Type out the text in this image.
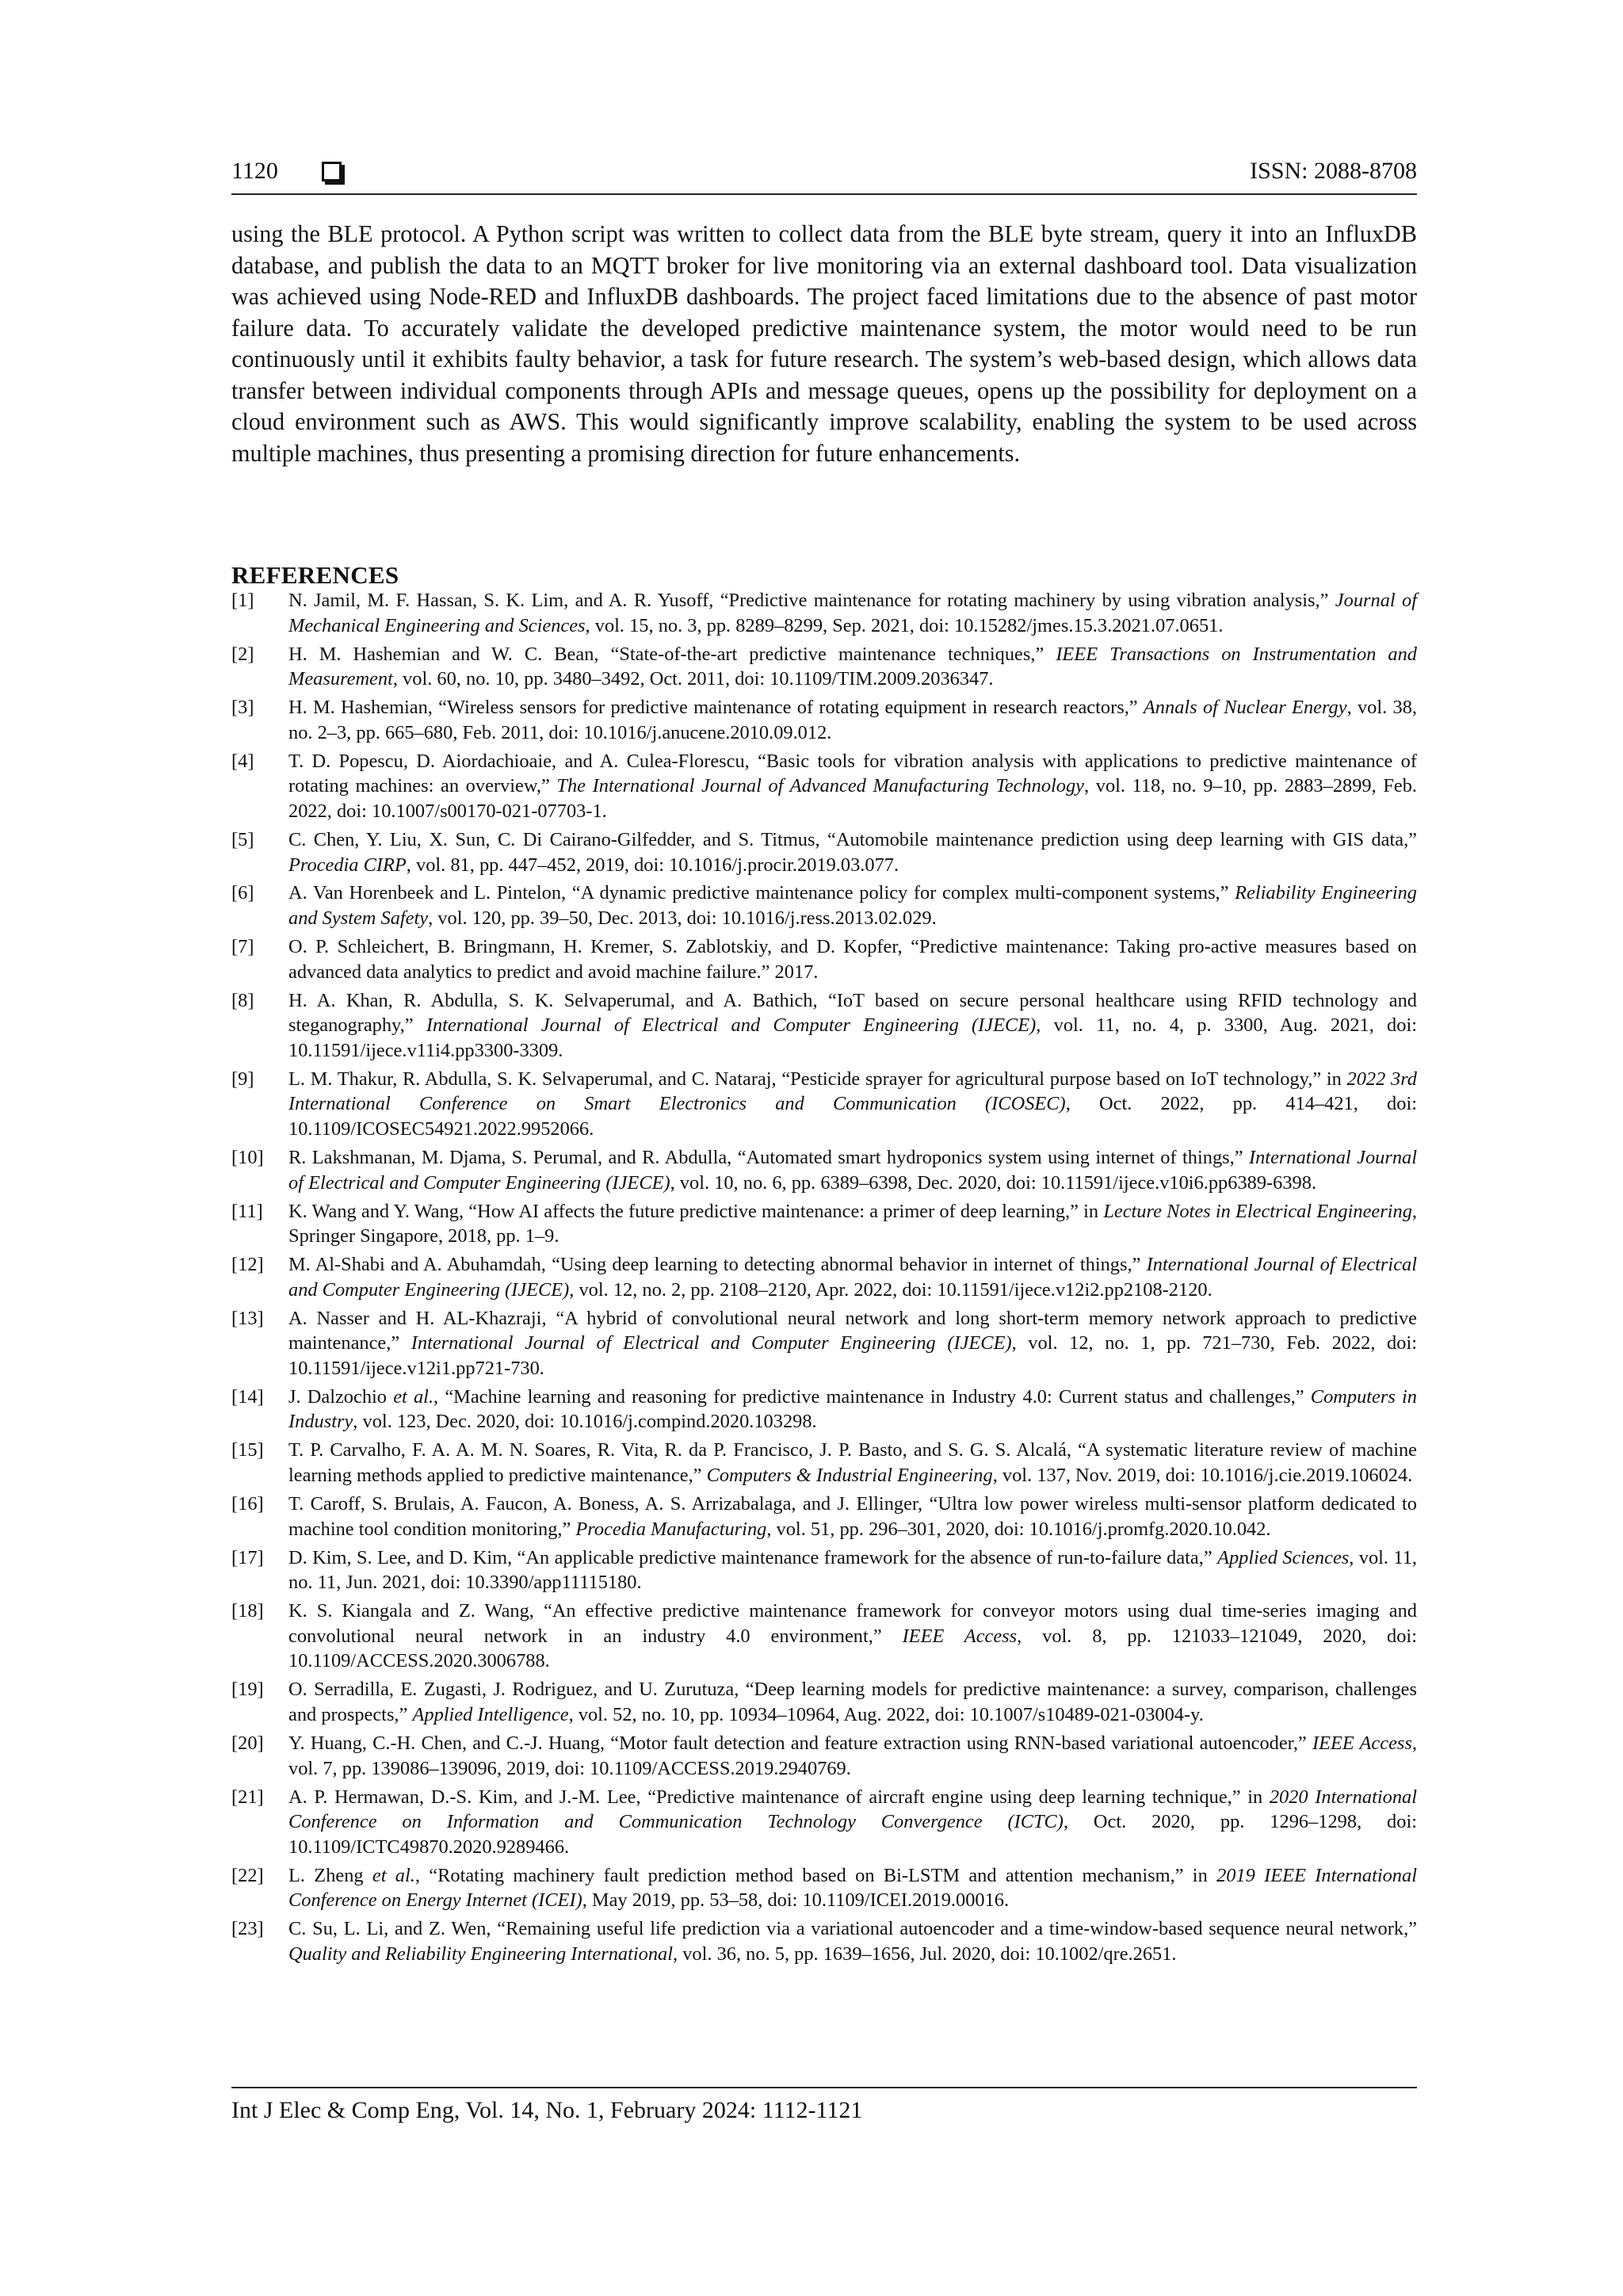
1120	ISSN: 2088-8708

using the BLE protocol. A Python script was written to collect data from the BLE byte stream, query it into an InfluxDB database, and publish the data to an MQTT broker for live monitoring via an external dashboard tool. Data visualization was achieved using Node-RED and InfluxDB dashboards. The project faced limitations due to the absence of past motor failure data. To accurately validate the developed predictive maintenance system, the motor would need to be run continuously until it exhibits faulty behavior, a task for future research. The system’s web-based design, which allows data transfer between individual components through APIs and message queues, opens up the possibility for deployment on a cloud environment such as AWS. This would significantly improve scalability, enabling the system to be used across multiple machines, thus presenting a promising direction for future enhancements.

REFERENCES
[1] N. Jamil, M. F. Hassan, S. K. Lim, and A. R. Yusoff, “Predictive maintenance for rotating machinery by using vibration analysis,” Journal of Mechanical Engineering and Sciences, vol. 15, no. 3, pp. 8289–8299, Sep. 2021, doi: 10.15282/jmes.15.3.2021.07.0651.
[2] H. M. Hashemian and W. C. Bean, “State-of-the-art predictive maintenance techniques,” IEEE Transactions on Instrumentation and Measurement, vol. 60, no. 10, pp. 3480–3492, Oct. 2011, doi: 10.1109/TIM.2009.2036347.
[3] H. M. Hashemian, “Wireless sensors for predictive maintenance of rotating equipment in research reactors,” Annals of Nuclear Energy, vol. 38, no. 2–3, pp. 665–680, Feb. 2011, doi: 10.1016/j.anucene.2010.09.012.
[4] T. D. Popescu, D. Aiordachioaie, and A. Culea-Florescu, “Basic tools for vibration analysis with applications to predictive maintenance of rotating machines: an overview,” The International Journal of Advanced Manufacturing Technology, vol. 118, no. 9–10, pp. 2883–2899, Feb. 2022, doi: 10.1007/s00170-021-07703-1.
[5] C. Chen, Y. Liu, X. Sun, C. Di Cairano-Gilfedder, and S. Titmus, “Automobile maintenance prediction using deep learning with GIS data,” Procedia CIRP, vol. 81, pp. 447–452, 2019, doi: 10.1016/j.procir.2019.03.077.
[6] A. Van Horenbeek and L. Pintelon, “A dynamic predictive maintenance policy for complex multi-component systems,” Reliability Engineering and System Safety, vol. 120, pp. 39–50, Dec. 2013, doi: 10.1016/j.ress.2013.02.029.
[7] O. P. Schleichert, B. Bringmann, H. Kremer, S. Zablotskiy, and D. Kopfer, “Predictive maintenance: Taking pro-active measures based on advanced data analytics to predict and avoid machine failure.” 2017.
[8] H. A. Khan, R. Abdulla, S. K. Selvaperumal, and A. Bathich, “IoT based on secure personal healthcare using RFID technology and steganography,” International Journal of Electrical and Computer Engineering (IJECE), vol. 11, no. 4, p. 3300, Aug. 2021, doi: 10.11591/ijece.v11i4.pp3300-3309.
[9] L. M. Thakur, R. Abdulla, S. K. Selvaperumal, and C. Nataraj, “Pesticide sprayer for agricultural purpose based on IoT technology,” in 2022 3rd International Conference on Smart Electronics and Communication (ICOSEC), Oct. 2022, pp. 414–421, doi: 10.1109/ICOSEC54921.2022.9952066.
[10] R. Lakshmanan, M. Djama, S. Perumal, and R. Abdulla, “Automated smart hydroponics system using internet of things,” International Journal of Electrical and Computer Engineering (IJECE), vol. 10, no. 6, pp. 6389–6398, Dec. 2020, doi: 10.11591/ijece.v10i6.pp6389-6398.
[11] K. Wang and Y. Wang, “How AI affects the future predictive maintenance: a primer of deep learning,” in Lecture Notes in Electrical Engineering, Springer Singapore, 2018, pp. 1–9.
[12] M. Al-Shabi and A. Abuhamdah, “Using deep learning to detecting abnormal behavior in internet of things,” International Journal of Electrical and Computer Engineering (IJECE), vol. 12, no. 2, pp. 2108–2120, Apr. 2022, doi: 10.11591/ijece.v12i2.pp2108-2120.
[13] A. Nasser and H. AL-Khazraji, “A hybrid of convolutional neural network and long short-term memory network approach to predictive maintenance,” International Journal of Electrical and Computer Engineering (IJECE), vol. 12, no. 1, pp. 721–730, Feb. 2022, doi: 10.11591/ijece.v12i1.pp721-730.
[14] J. Dalzochio et al., “Machine learning and reasoning for predictive maintenance in Industry 4.0: Current status and challenges,” Computers in Industry, vol. 123, Dec. 2020, doi: 10.1016/j.compind.2020.103298.
[15] T. P. Carvalho, F. A. A. M. N. Soares, R. Vita, R. da P. Francisco, J. P. Basto, and S. G. S. Alcalá, “A systematic literature review of machine learning methods applied to predictive maintenance,” Computers & Industrial Engineering, vol. 137, Nov. 2019, doi: 10.1016/j.cie.2019.106024.
[16] T. Caroff, S. Brulais, A. Faucon, A. Boness, A. S. Arrizabalaga, and J. Ellinger, “Ultra low power wireless multi-sensor platform dedicated to machine tool condition monitoring,” Procedia Manufacturing, vol. 51, pp. 296–301, 2020, doi: 10.1016/j.promfg.2020.10.042.
[17] D. Kim, S. Lee, and D. Kim, “An applicable predictive maintenance framework for the absence of run-to-failure data,” Applied Sciences, vol. 11, no. 11, Jun. 2021, doi: 10.3390/app11115180.
[18] K. S. Kiangala and Z. Wang, “An effective predictive maintenance framework for conveyor motors using dual time-series imaging and convolutional neural network in an industry 4.0 environment,” IEEE Access, vol. 8, pp. 121033–121049, 2020, doi: 10.1109/ACCESS.2020.3006788.
[19] O. Serradilla, E. Zugasti, J. Rodriguez, and U. Zurutuza, “Deep learning models for predictive maintenance: a survey, comparison, challenges and prospects,” Applied Intelligence, vol. 52, no. 10, pp. 10934–10964, Aug. 2022, doi: 10.1007/s10489-021-03004-y.
[20] Y. Huang, C.-H. Chen, and C.-J. Huang, “Motor fault detection and feature extraction using RNN-based variational autoencoder,” IEEE Access, vol. 7, pp. 139086–139096, 2019, doi: 10.1109/ACCESS.2019.2940769.
[21] A. P. Hermawan, D.-S. Kim, and J.-M. Lee, “Predictive maintenance of aircraft engine using deep learning technique,” in 2020 International Conference on Information and Communication Technology Convergence (ICTC), Oct. 2020, pp. 1296–1298, doi: 10.1109/ICTC49870.2020.9289466.
[22] L. Zheng et al., “Rotating machinery fault prediction method based on Bi-LSTM and attention mechanism,” in 2019 IEEE International Conference on Energy Internet (ICEI), May 2019, pp. 53–58, doi: 10.1109/ICEI.2019.00016.
[23] C. Su, L. Li, and Z. Wen, “Remaining useful life prediction via a variational autoencoder and a time-window-based sequence neural network,” Quality and Reliability Engineering International, vol. 36, no. 5, pp. 1639–1656, Jul. 2020, doi: 10.1002/qre.2651.
Int J Elec & Comp Eng, Vol. 14, No. 1, February 2024: 1112-1121
